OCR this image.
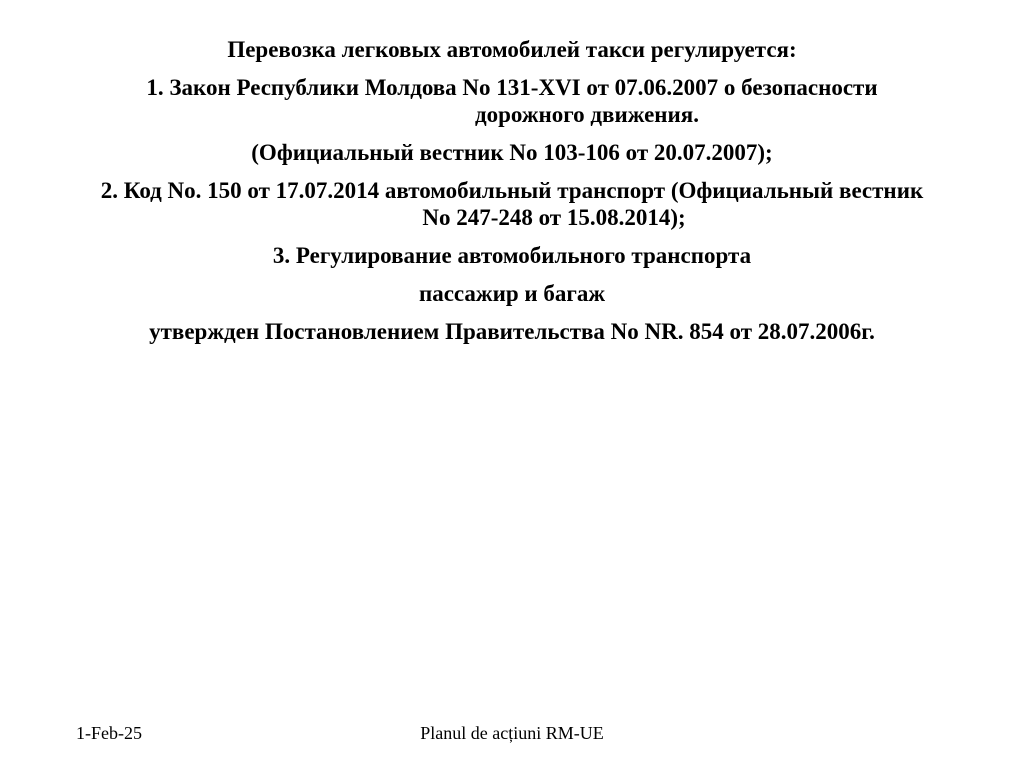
Перевозка легковых автомобилей такси регулируется:

1. Закон Республики Молдова No 131-XVI от 07.06.2007 о безопасности
дорожного движения.

(Официальный вестник No 103-106 от 20.07.2007);

2. Код No. 150 от 17.07.2014 автомобильный транспорт (Официальный вестник
No 247-248 от 15.08.2014);

3. Регулирование автомобильного транспорта

пассажир и багаж

утвержден Постановлением Правительства No NR. 854 от 28.07.2006г.

1-Feb-25	Planul de acțiuni RM-UE
